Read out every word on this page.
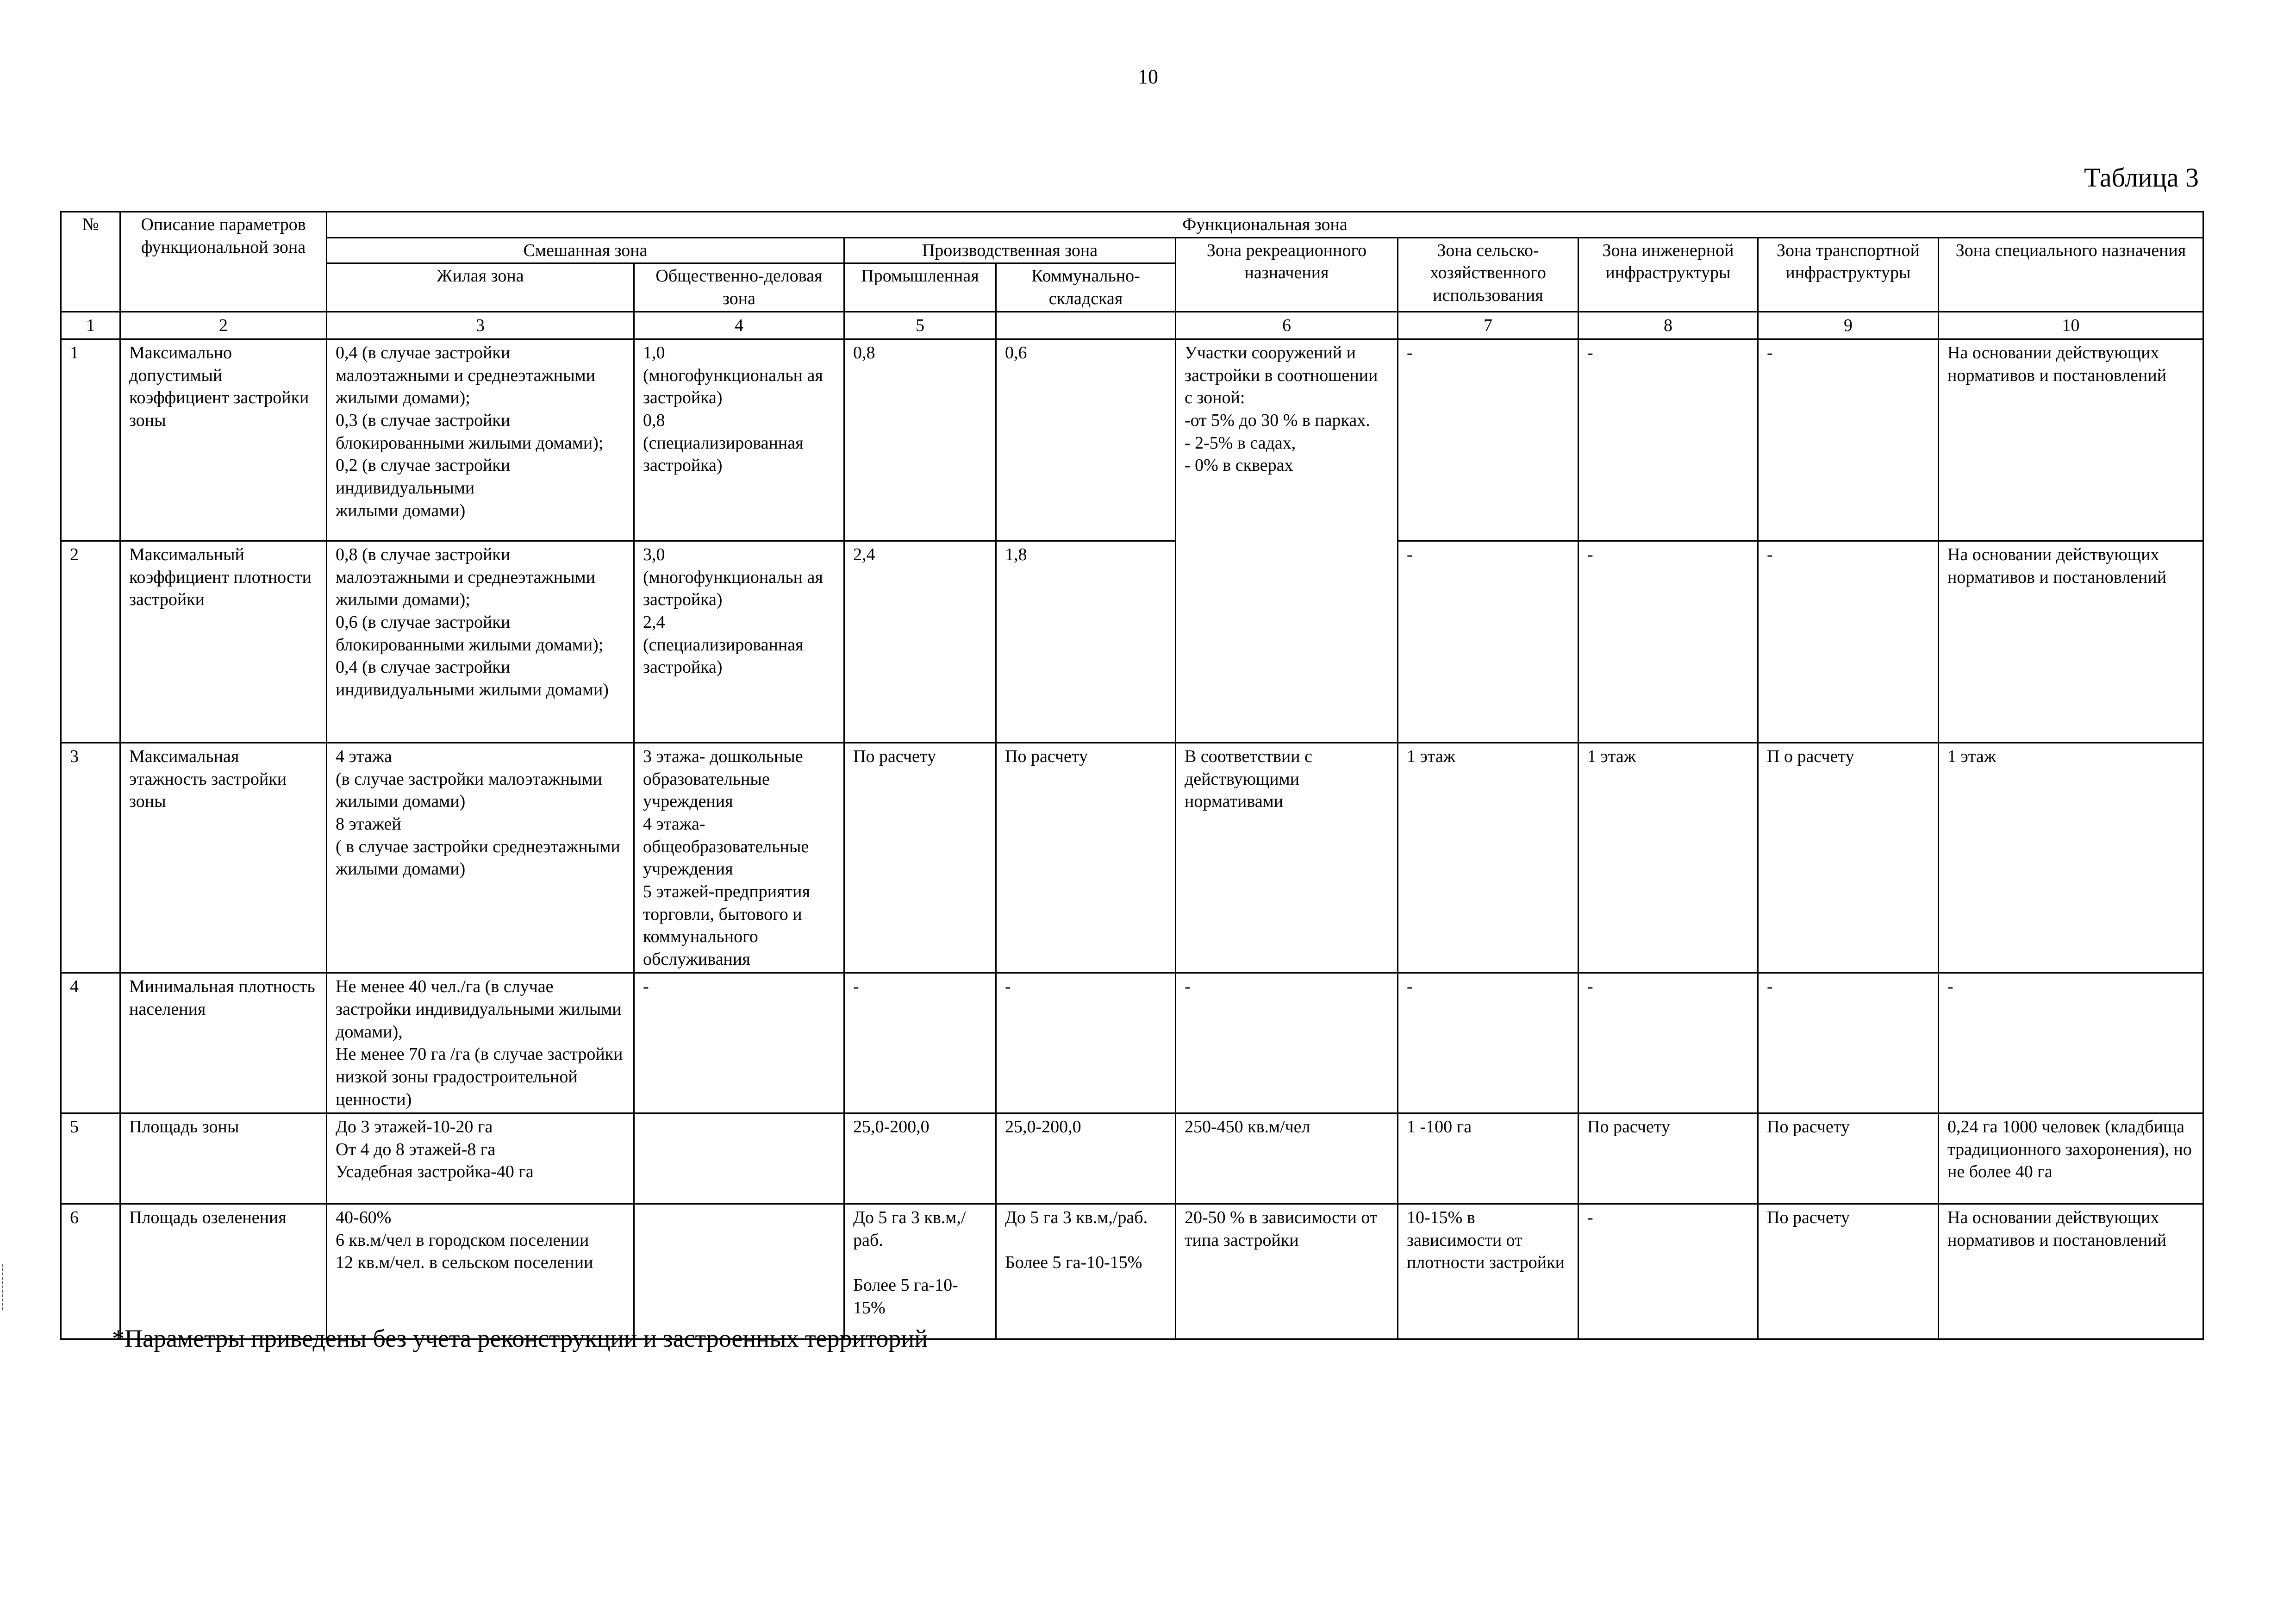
10
Таблица 3
№	Описание параметров функциональной зона	Функциональная зона								
		Смешанная зона		Производственная зона		Зона рекреационного назначения	Зона сельско-хозяйственного использования	Зона инженерной инфраструктуры	Зона транспортной инфраструктуры	Зона специального назначения
		Жилая зона	Общественно-деловая зона	Промышленная	Коммунально-складская					
1	2	3	4	5		6	7	8	9	10
1	Максимально допустимый коэффициент застройки зоны	0,4 (в случае застройки малоэтажными и среднеэтажными жилыми домами);
0,3 (в случае застройки блокированными жилыми домами);
0,2 (в случае застройки индивидуальными
жилыми домами)	1,0
(многофункциональн ая застройка)
0,8
(специализированная застройка)	0,8	0,6	Участки сооружений и застройки в соотношении с зоной:
-от 5% до 30 % в парках.
- 2-5% в садах,
- 0% в скверах	-	-	-	На основании действующих нормативов и постановлений
2	Максимальный коэффициент плотности застройки	0,8 (в случае застройки малоэтажными и среднеэтажными жилыми домами);
0,6 (в случае застройки блокированными жилыми домами);
0,4 (в случае застройки индивидуальными жилыми домами)	3,0
(многофункциональн ая застройка)
2,4
(специализированная застройка)	2,4	1,8		-	-	-	На основании действующих нормативов и постановлений
3	Максимальная этажность застройки зоны	4 этажа
(в случае застройки малоэтажными жилыми домами)
8 этажей
( в случае застройки среднеэтажными жилыми домами)	3 этажа- дошкольные образовательные учреждения
4 этажа-общеобразовательные учреждения
5 этажей-предприятия торговли, бытового и коммунального обслуживания	По расчету	По расчету	В соответствии с действующими нормативами	1 этаж	1 этаж	П о расчету	1 этаж
4	Минимальная плотность населения	Не менее 40 чел./га (в случае застройки индивидуальными жилыми домами),
Не менее 70 га /га (в случае застройки низкой зоны градостроительной ценности)	-	-	-	-	-	-	-	-
5	Площадь зоны	До 3 этажей-10-20 га
От 4 до 8 этажей-8 га
Усадебная застройка-40 га		25,0-200,0	25,0-200,0	250-450 кв.м/чел	1 -100 га	По расчету	По расчету	0,24 га 1000 человек (кладбища традиционного захоронения), но не более 40 га
6	Площадь озеленения	40-60%
6 кв.м/чел в городском поселении
12 кв.м/чел. в сельском поселении		До 5 га 3 кв.м,/раб.

Более 5 га-10-15%	До 5 га 3 кв.м,/раб.

Более 5 га-10-15%	20-50 % в зависимости от типа застройки	10-15% в зависимости от плотности застройки	-	По расчету	На основании действующих нормативов и постановлений
*Параметры приведены без учета реконструкции и застроенных территорий
